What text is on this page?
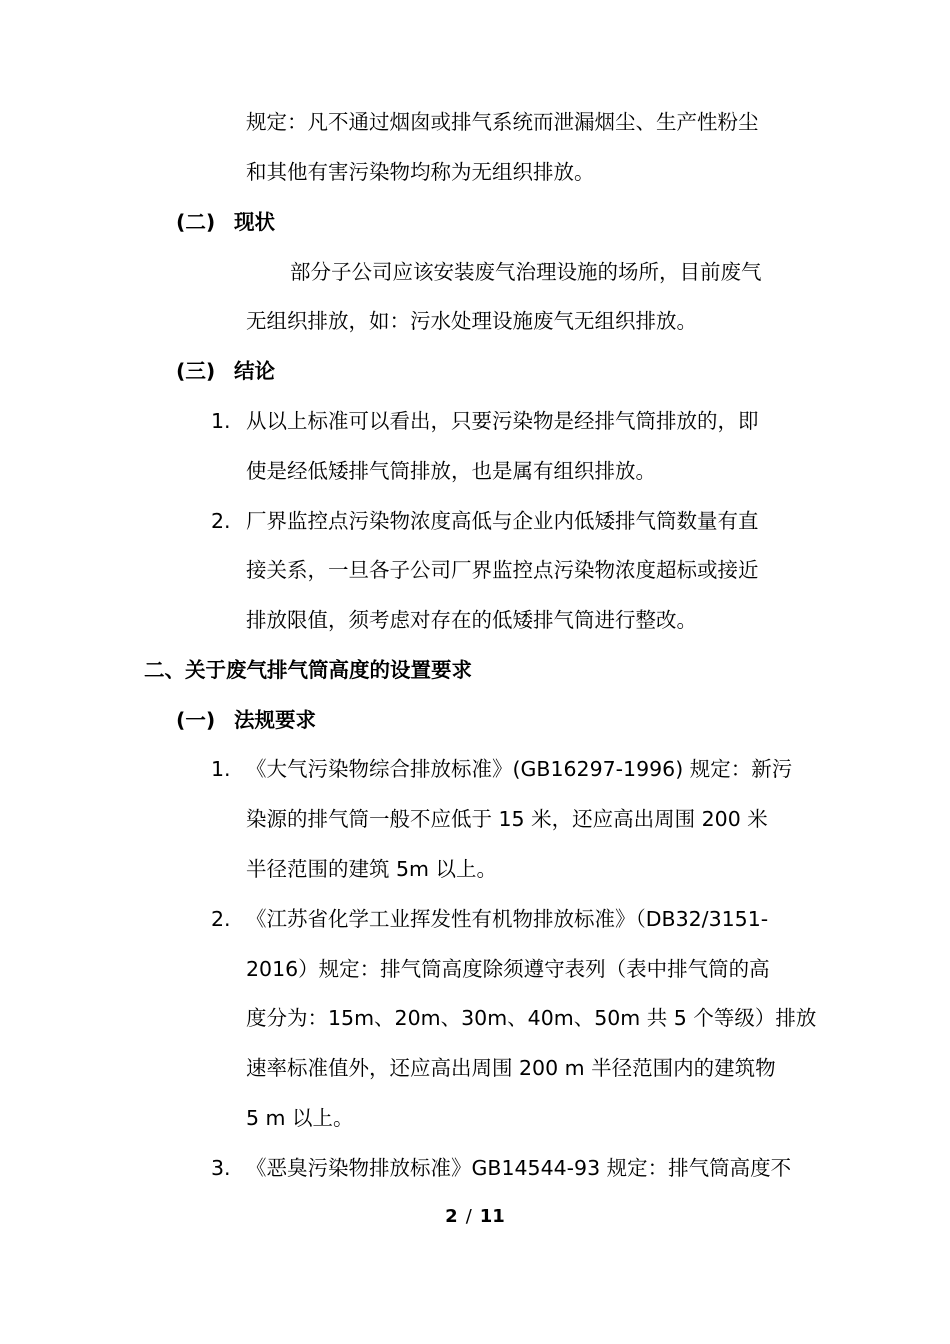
规定：凡不通过烟囱或排气系统而泄漏烟尘、生产性粉尘
和其他有害污染物均称为无组织排放。
(二) 现状
部分子公司应该安装废气治理设施的场所，目前废气
无组织排放，如：污水处理设施废气无组织排放。
(三) 结论
1. 从以上标准可以看出，只要污染物是经排气筒排放的，即
使是经低矮排气筒排放，也是属有组织排放。
2. 厂界监控点污染物浓度高低与企业内低矮排气筒数量有直
接关系，一旦各子公司厂界监控点污染物浓度超标或接近
排放限值，须考虑对存在的低矮排气筒进行整改。
二、关于废气排气筒高度的设置要求
(一) 法规要求
1. 《大气污染物综合排放标准》(GB16297-1996) 规定：新污
染源的排气筒一般不应低于 15 米，还应高出周围 200 米
半径范围的建筑 5m 以上。
2. 《江苏省化学工业挥发性有机物排放标准》（DB32/3151-
2016）规定：排气筒高度除须遵守表列（表中排气筒的高
度分为：15m、20m、30m、40m、50m 共 5 个等级）排放
速率标准值外，还应高出周围 200 m 半径范围内的建筑物
5 m 以上。
3. 《恶臭污染物排放标准》GB14544-93 规定：排气筒高度不
2 / 11
